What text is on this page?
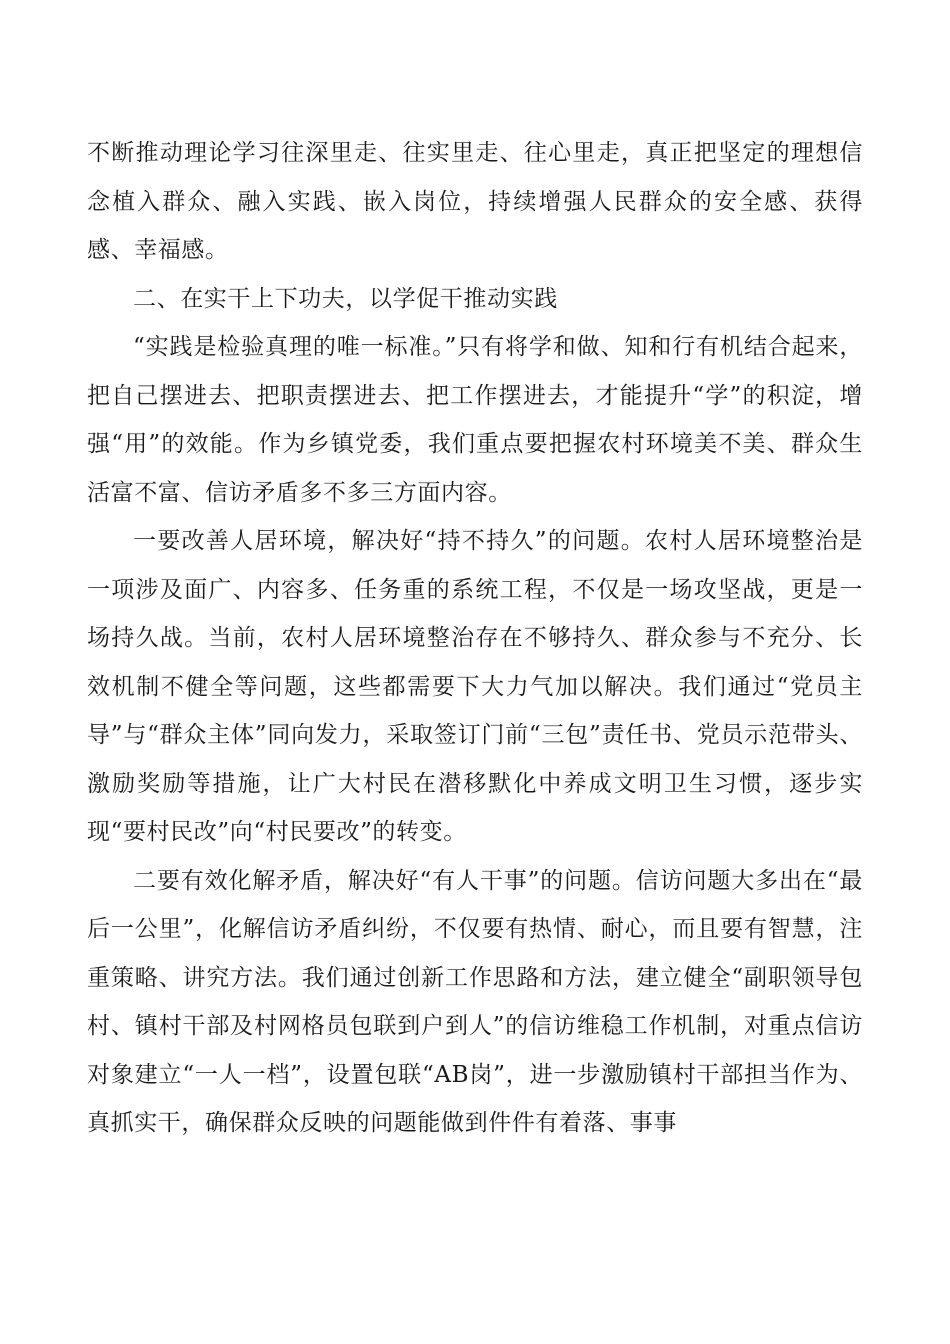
不断推动理论学习往深里走、往实里走、往心里走，真正把坚定的理想信念植入群众、融入实践、嵌入岗位，持续增强人民群众的安全感、获得感、幸福感。

二、在实干上下功夫，以学促干推动实践

“实践是检验真理的唯一标准。”只有将学和做、知和行有机结合起来，把自己摆进去、把职责摆进去、把工作摆进去，才能提升“学”的积淀，增强“用”的效能。作为乡镇党委，我们重点要把握农村环境美不美、群众生活富不富、信访矛盾多不多三方面内容。

一要改善人居环境，解决好“持不持久”的问题。农村人居环境整治是一项涉及面广、内容多、任务重的系统工程，不仅是一场攻坚战，更是一场持久战。当前，农村人居环境整治存在不够持久、群众参与不充分、长效机制不健全等问题，这些都需要下大力气加以解决。我们通过“党员主导”与“群众主体”同向发力，采取签订门前“三包”责任书、党员示范带头、激励奖励等措施，让广大村民在潜移默化中养成文明卫生习惯，逐步实现“要村民改”向“村民要改”的转变。

二要有效化解矛盾，解决好“有人干事”的问题。信访问题大多出在“最后一公里”，化解信访矛盾纠纷，不仅要有热情、耐心，而且要有智慧，注重策略、讲究方法。我们通过创新工作思路和方法，建立健全“副职领导包村、镇村干部及村网格员包联到户到人”的信访维稳工作机制，对重点信访对象建立“一人一档”，设置包联“AB岗”，进一步激励镇村干部担当作为、真抓实干，确保群众反映的问题能做到件件有着落、事事
